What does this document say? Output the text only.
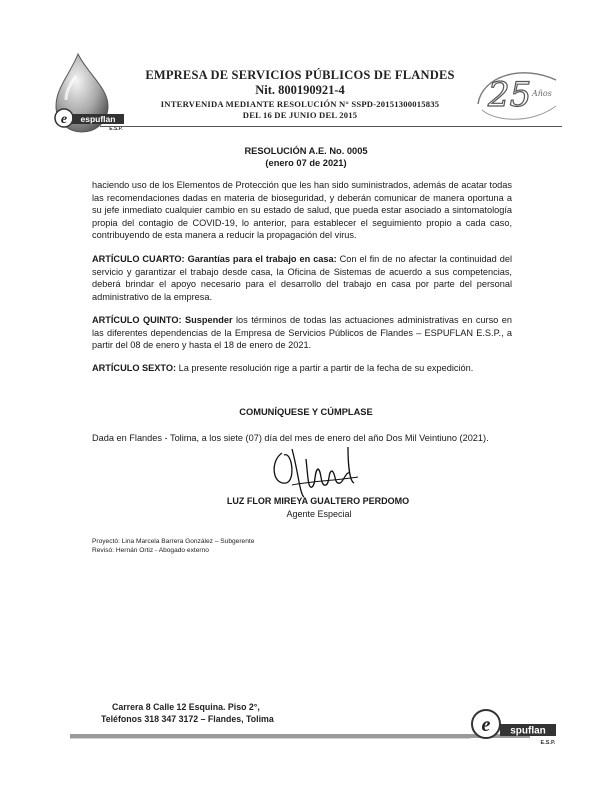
e espuflan
E.S.P.
EMPRESA DE SERVICIOS PÚBLICOS DE FLANDES
Nit. 800190921-4
INTERVENIDA MEDIANTE RESOLUCIÓN N° SSPD-20151300015835
DEL 16 DE JUNIO DEL 2015	25 Años
RESOLUCIÓN A.E. No. 0005
(enero 07 de 2021)

haciendo uso de los Elementos de Protección que les han sido suministrados, además de acatar todas las recomendaciones dadas en materia de bioseguridad, y deberán comunicar de manera oportuna a su jefe inmediato cualquier cambio en su estado de salud, que pueda estar asociado a sintomatología propia del contagio de COVID-19, lo anterior, para establecer el seguimiento propio a cada caso, contribuyendo de esta manera a reducir la propagación del virus.

ARTÍCULO CUARTO: Garantías para el trabajo en casa: Con el fin de no afectar la continuidad del servicio y garantizar el trabajo desde casa, la Oficina de Sistemas de acuerdo a sus competencias, deberá brindar el apoyo necesario para el desarrollo del trabajo en casa por parte del personal administrativo de la empresa.

ARTÍCULO QUINTO: Suspender los términos de todas las actuaciones administrativas en curso en las diferentes dependencias de la Empresa de Servicios Públicos de Flandes – ESPUFLAN E.S.P., a partir del 08 de enero y hasta el 18 de enero de 2021.

ARTÍCULO SEXTO: La presente resolución rige a partir a partir de la fecha de su expedición.

COMUNÍQUESE Y CÚMPLASE

Dada en Flandes - Tolima, a los siete (07) día del mes de enero del año Dos Mil Veintiuno (2021).

LUZ FLOR MIREYA GUALTERO PERDOMO
Agente Especial
Proyectó: Lina Marcela Barrera González – Subgerente
Revisó: Hernán Ortiz - Abogado externo
Carrera 8 Calle 12 Esquina. Piso 2°,
Teléfonos 318 347 3172 – Flandes, Tolima	e spuflan
E.S.P.
